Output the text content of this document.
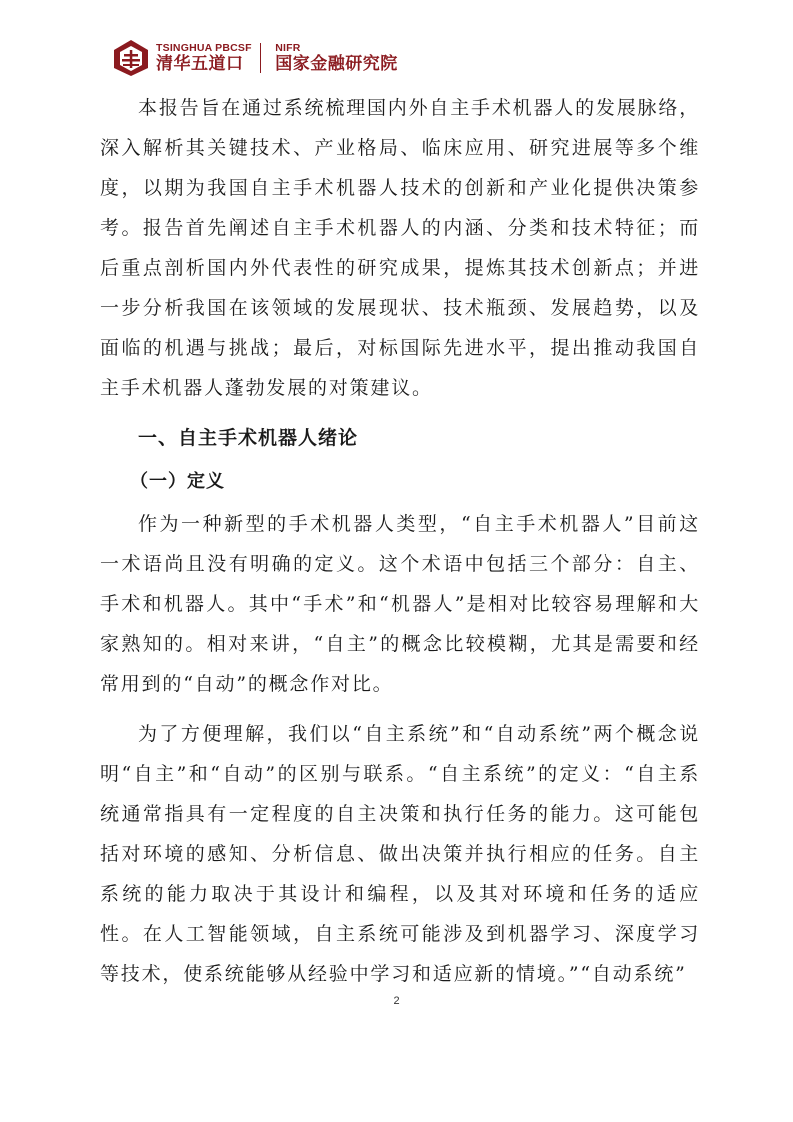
TSINGHUA PBCSF
清华五道口
NIFR
国家金融研究院

本报告旨在通过系统梳理国内外自主手术机器人的发展脉络，深入解析其关键技术、产业格局、临床应用、研究进展等多个维度，以期为我国自主手术机器人技术的创新和产业化提供决策参考。报告首先阐述自主手术机器人的内涵、分类和技术特征；而后重点剖析国内外代表性的研究成果，提炼其技术创新点；并进一步分析我国在该领域的发展现状、技术瓶颈、发展趋势，以及面临的机遇与挑战；最后，对标国际先进水平，提出推动我国自主手术机器人蓬勃发展的对策建议。

一、自主手术机器人绪论
（一）定义

作为一种新型的手术机器人类型，“自主手术机器人”目前这一术语尚且没有明确的定义。这个术语中包括三个部分：自主、手术和机器人。其中“手术”和“机器人”是相对比较容易理解和大家熟知的。相对来讲，“自主”的概念比较模糊，尤其是需要和经常用到的“自动”的概念作对比。

为了方便理解，我们以“自主系统”和“自动系统”两个概念说明“自主”和“自动”的区别与联系。“自主系统”的定义：“自主系统通常指具有一定程度的自主决策和执行任务的能力。这可能包括对环境的感知、分析信息、做出决策并执行相应的任务。自主系统的能力取决于其设计和编程，以及其对环境和任务的适应性。在人工智能领域，自主系统可能涉及到机器学习、深度学习等技术，使系统能够从经验中学习和适应新的情境。”“自动系统”

2
